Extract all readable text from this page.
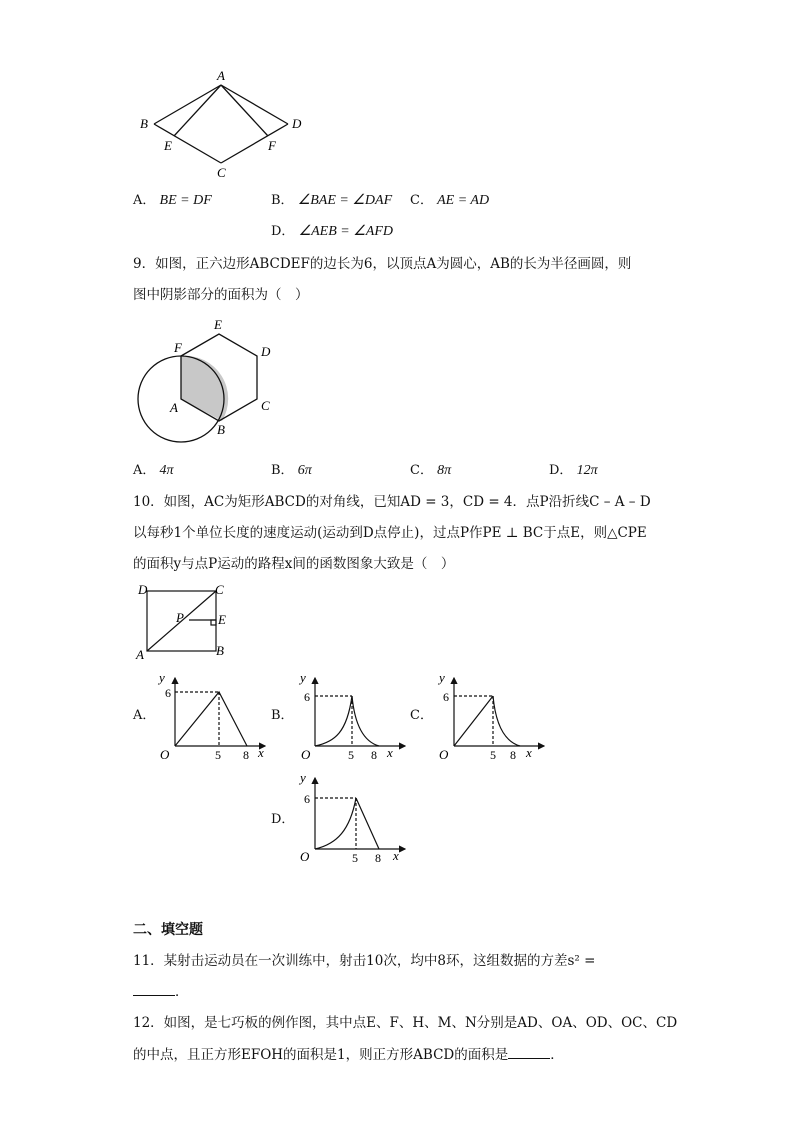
A
B	D
E	F
C
A． BE = DF	B． ∠BAE = ∠DAF C． AE = AD
D． ∠AEB = ∠AFD
9．如图，正六边形ABCDEF的边长为6，以顶点A为圆心，AB的长为半径画圆，则
图中阴影部分的面积为（　）
F
E
D
C
B
A
A． 4π	B． 6π	C． 8π	D． 12π
10．如图，AC为矩形ABCD的对角线，已知AD = 3，CD = 4．点P沿折线C – A – D
以每秒1个单位长度的速度运动(运动到D点停止)，过点P作PE ⊥ BC于点E，则△CPE
的面积y与点P运动的路程x间的函数图象大致是（　）
D	C
P	E
A	B
A．	B．	C．
D．
y
6
O	5 8 x
y
6
O	5 8 x
y
6
O	5 8 x
y
6
O	5 8 x
二、填空题
11．某射击运动员在一次训练中，射击10次，均中8环，这组数据的方差s² =
．
12．如图，是七巧板的例作图，其中点E、F、H、M、N分别是AD、OA、OD、OC、CD
的中点，且正方形EFOH的面积是1，则正方形ABCD的面积是	．
